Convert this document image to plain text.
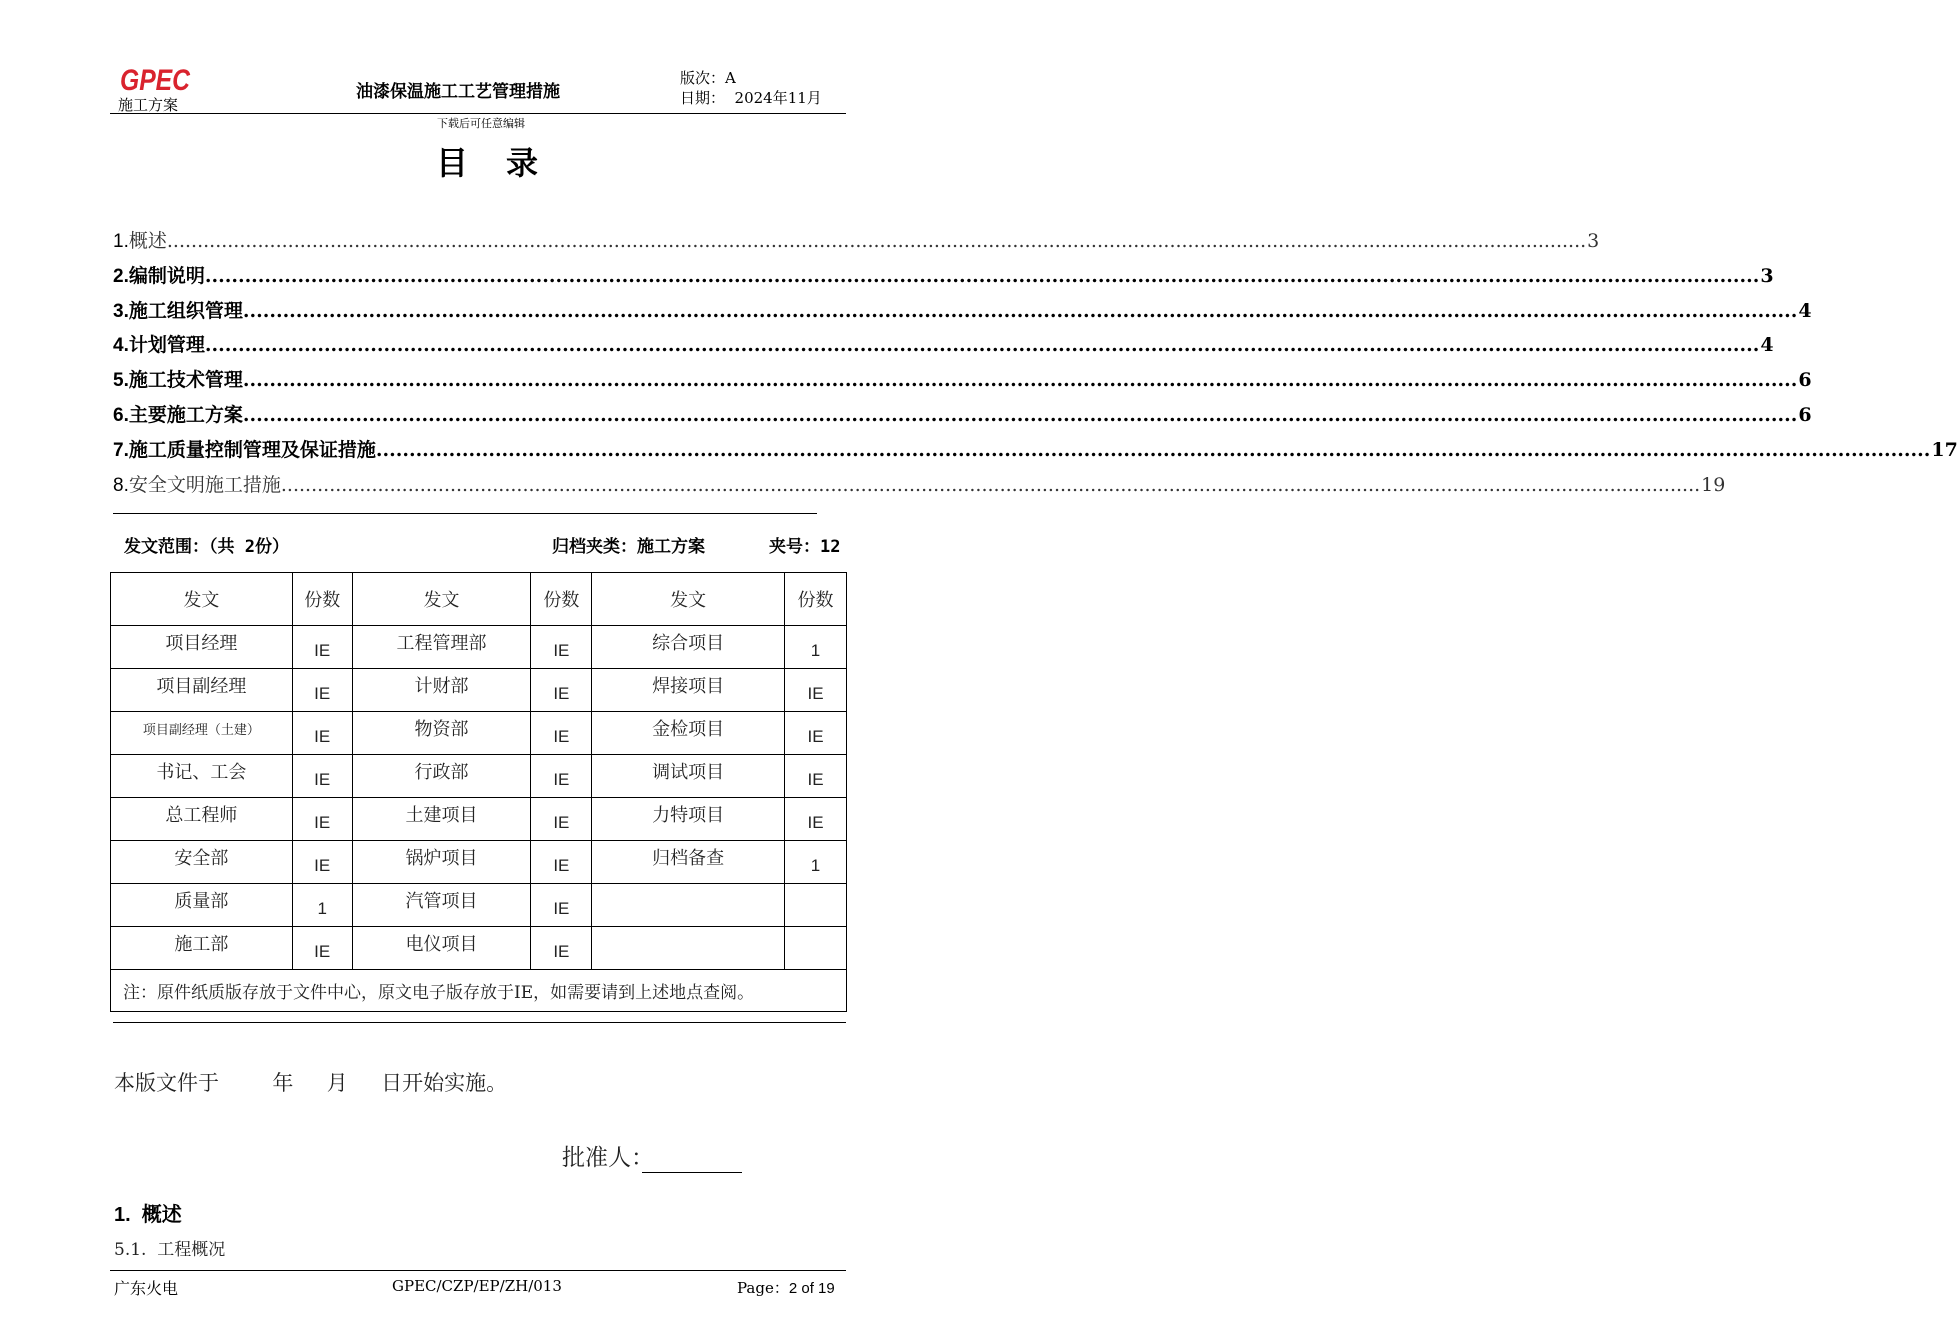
GPEC
施工方案
油漆保温施工工艺管理措施
版次：A
日期：  2024年11月
下载后可任意编辑
目录
1. 概述 .....	3
2. 编制说明 .....	3
3. 施工组织管理 .....	4
4. 计划管理 .....	4
5. 施工技术管理 .....	6
6. 主要施工方案 .....	6
7. 施工质量控制管理及保证措施 .....	17
8. 安全文明施工措施 .....	19
发文范围：（共 2份）	归档夹类：施工方案	夹号：12
发文	份数	发文	份数	发文	份数
项目经理	IE	工程管理部	IE	综合项目	1
项目副经理	IE	计财部	IE	焊接项目	IE
项目副经理（土建）	IE	物资部	IE	金检项目	IE
书记、工会	IE	行政部	IE	调试项目	IE
总工程师	IE	土建项目	IE	力特项目	IE
安全部	IE	锅炉项目	IE	归档备查	1
质量部	1	汽管项目	IE		
施工部	IE	电仪项目	IE		
注：原件纸质版存放于文件中心，原文电子版存放于IE，如需要请到上述地点查阅。					
本版文件于        年     月     日开始实施。
批准人：
1.  概述
5.1.  工程概况
广东火电	GPEC/CZP/EP/ZH/013	Page：2 of 19
